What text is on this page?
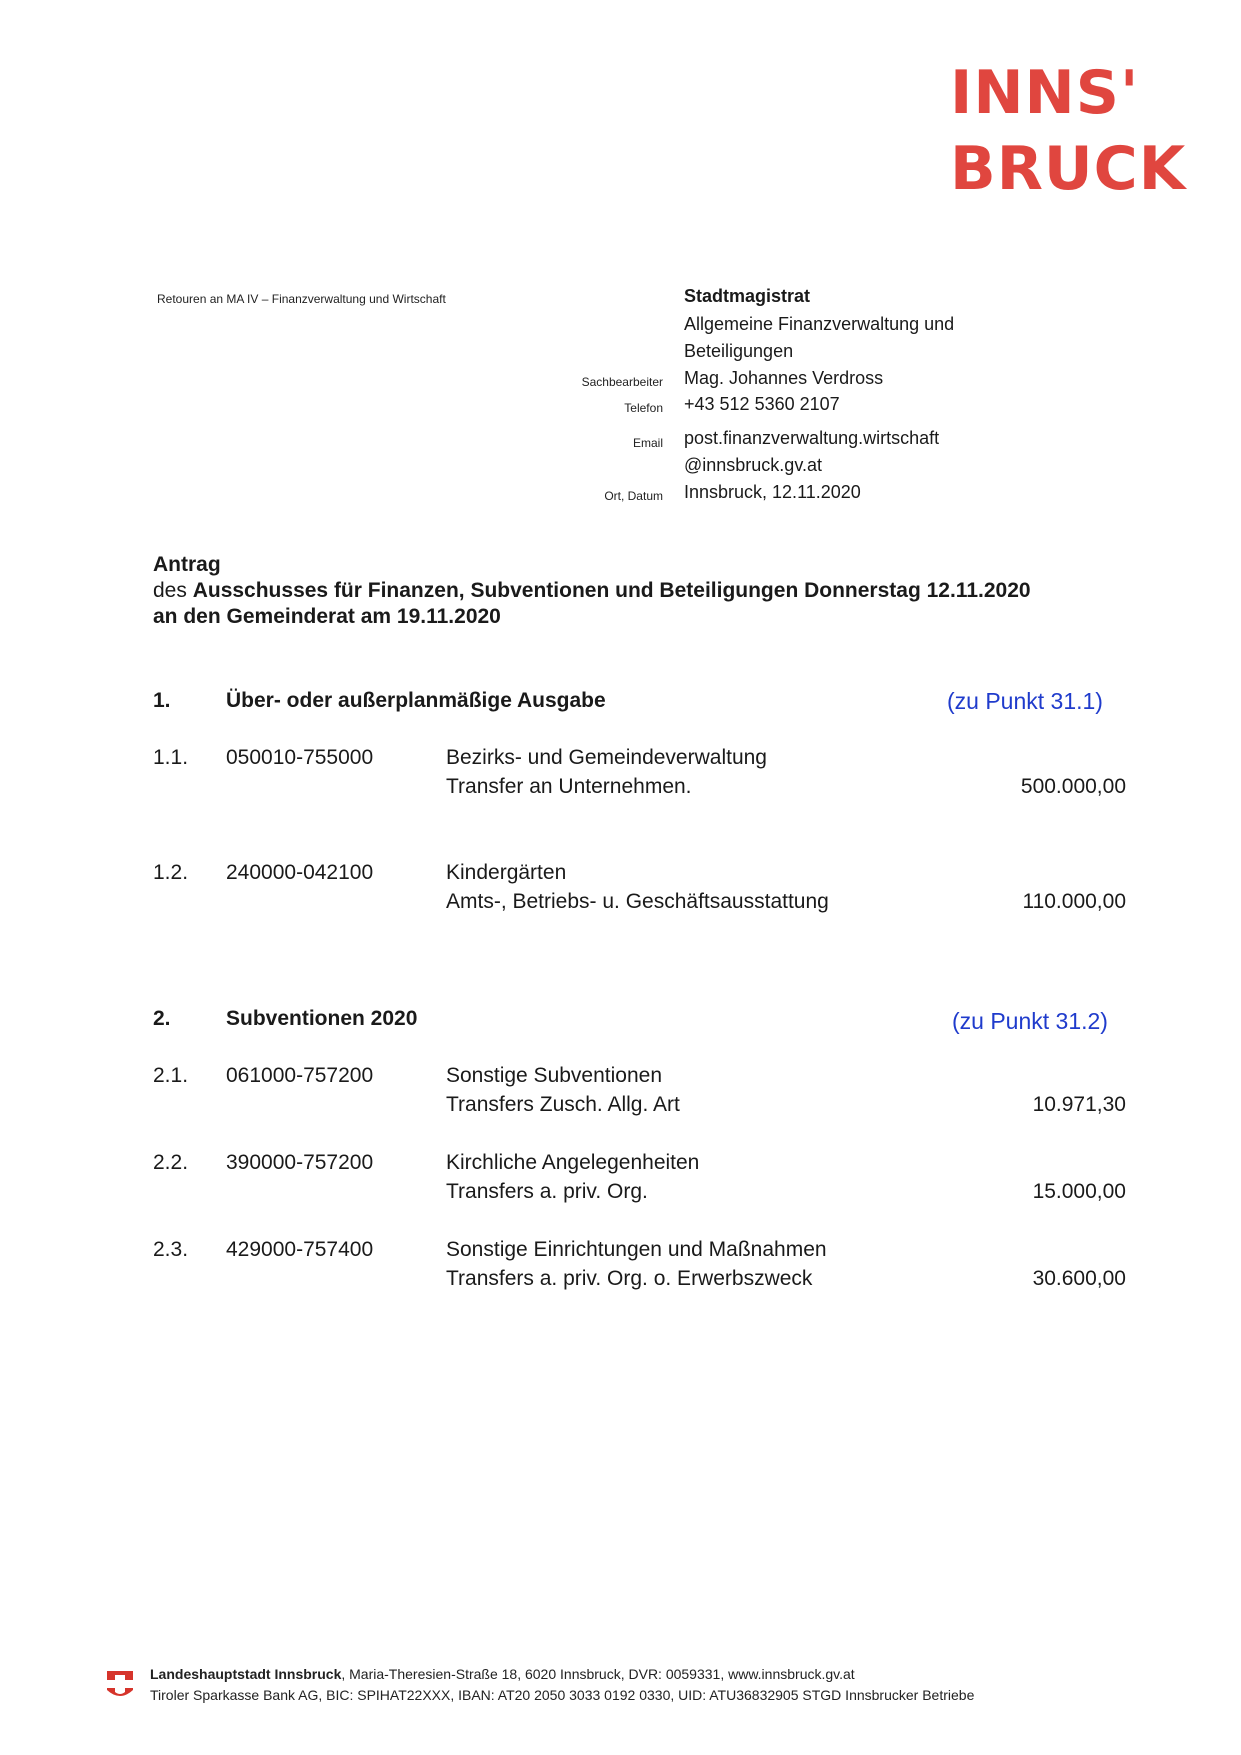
INNS'
BRUCK
Retouren an MA IV – Finanzverwaltung und Wirtschaft	Stadtmagistrat
Allgemeine Finanzverwaltung und
Beteiligungen
Sachbearbeiter Mag. Johannes Verdross
Telefon +43 512 5360 2107
Email post.finanzverwaltung.wirtschaft
@innsbruck.gv.at
Ort, Datum Innsbruck, 12.11.2020
Antrag
des Ausschusses für Finanzen, Subventionen und Beteiligungen Donnerstag 12.11.2020
an den Gemeinderat am 19.11.2020
1.	Über- oder außerplanmäßige Ausgabe	(zu Punkt 31.1)
1.1. 050010-755000	Bezirks- und Gemeindeverwaltung
Transfer an Unternehmen.	500.000,00
1.2. 240000-042100	Kindergärten
Amts-, Betriebs- u. Geschäftsausstattung	110.000,00
2.	Subventionen 2020	(zu Punkt 31.2)
2.1. 061000-757200	Sonstige Subventionen
Transfers Zusch. Allg. Art	10.971,30
2.2. 390000-757200	Kirchliche Angelegenheiten
Transfers a. priv. Org.	15.000,00
2.3. 429000-757400	Sonstige Einrichtungen und Maßnahmen
Transfers a. priv. Org. o. Erwerbszweck	30.600,00
Landeshauptstadt Innsbruck, Maria-Theresien-Straße 18, 6020 Innsbruck, DVR: 0059331, www.innsbruck.gv.at
Tiroler Sparkasse Bank AG, BIC: SPIHAT22XXX, IBAN: AT20 2050 3033 0192 0330, UID: ATU36832905 STGD Innsbrucker Betriebe
